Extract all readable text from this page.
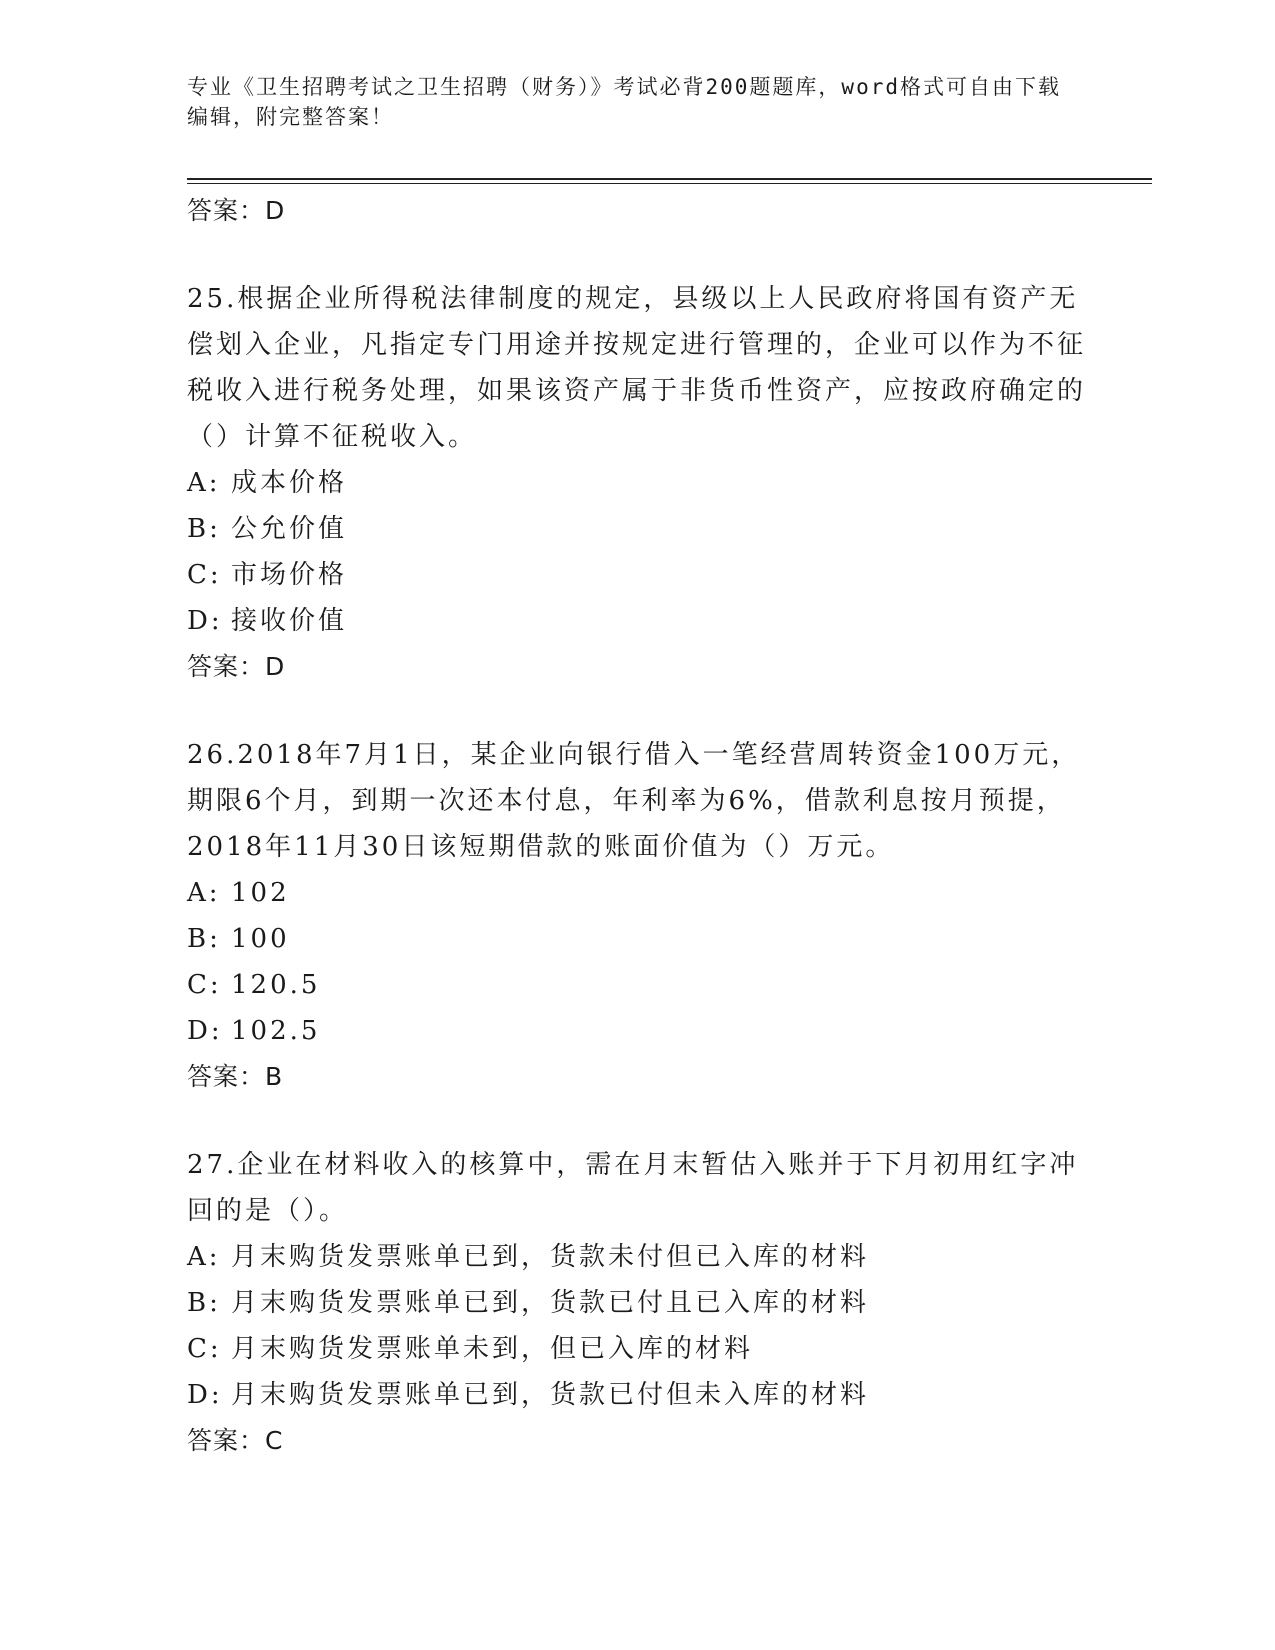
专业《卫生招聘考试之卫生招聘（财务）》考试必背200题题库，word格式可自由下载编辑，附完整答案！
答案：D
25.根据企业所得税法律制度的规定，县级以上人民政府将国有资产无偿划入企业，凡指定专门用途并按规定进行管理的，企业可以作为不征税收入进行税务处理，如果该资产属于非货币性资产，应按政府确定的（）计算不征税收入。
A: 成本价格
B: 公允价值
C: 市场价格
D: 接收价值
答案：D
26.2018年7月1日，某企业向银行借入一笔经营周转资金100万元，期限6个月，到期一次还本付息，年利率为6%，借款利息按月预提，2018年11月30日该短期借款的账面价值为（）万元。
A: 102
B: 100
C: 120.5
D: 102.5
答案：B
27.企业在材料收入的核算中，需在月末暂估入账并于下月初用红字冲回的是（）。
A: 月末购货发票账单已到，货款未付但已入库的材料
B: 月末购货发票账单已到，货款已付且已入库的材料
C: 月末购货发票账单未到，但已入库的材料
D: 月末购货发票账单已到，货款已付但未入库的材料
答案：C
